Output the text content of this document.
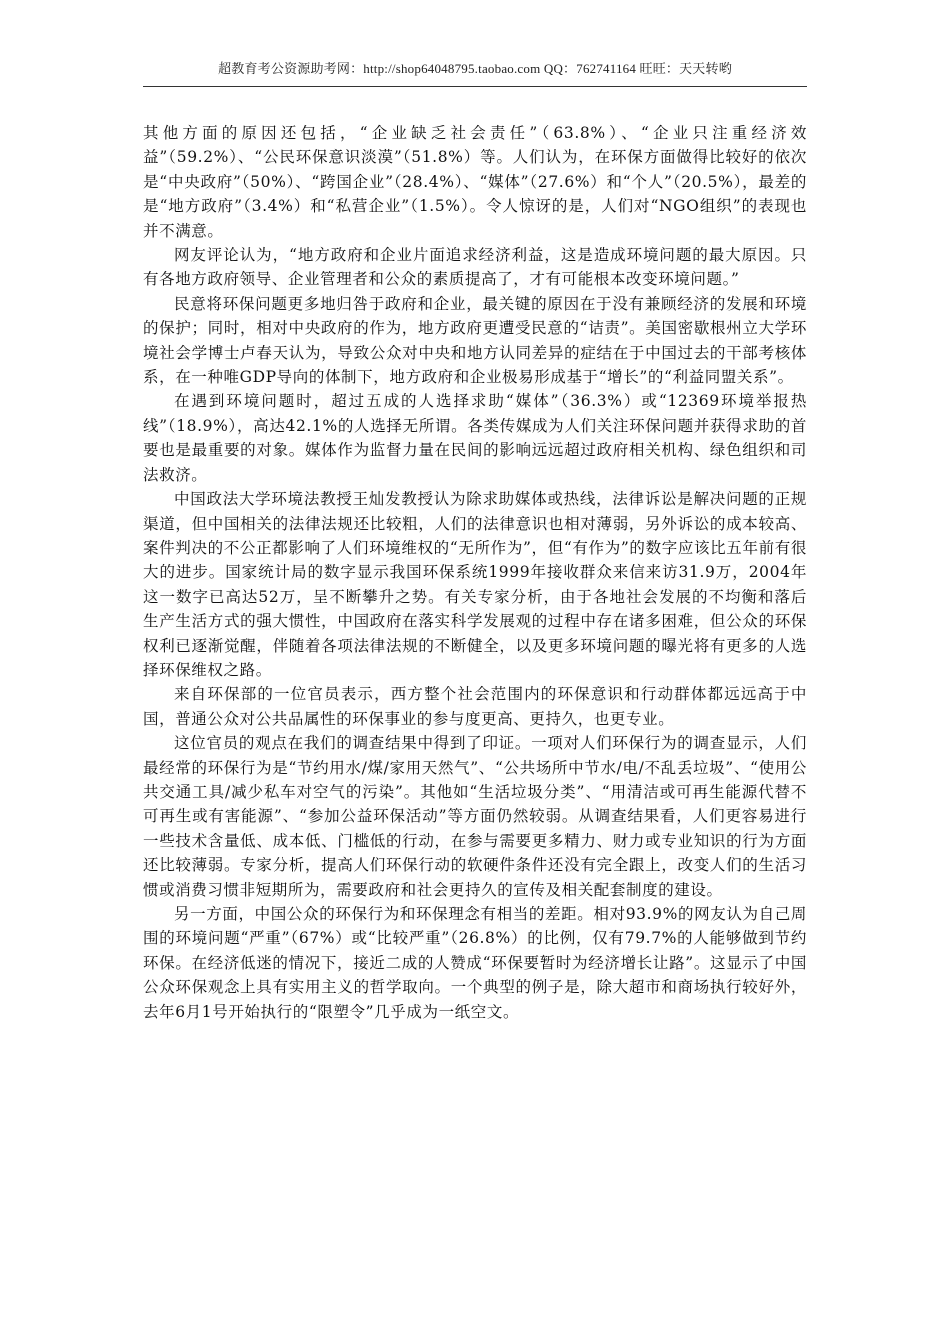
超教育考公资源助考网：http://shop64048795.taobao.com QQ：762741164 旺旺：天天转哟

其他方面的原因还包括，“企业缺乏社会责任”（63.8%）、“企业只注重经济效益”（59.2%）、“公民环保意识淡漠”（51.8%）等。人们认为，在环保方面做得比较好的依次是“中央政府”（50%）、“跨国企业”（28.4%）、“媒体”（27.6%）和“个人”（20.5%），最差的是“地方政府”（3.4%）和“私营企业”（1.5%）。令人惊讶的是，人们对“NGO组织”的表现也并不满意。

网友评论认为，“地方政府和企业片面追求经济利益，这是造成环境问题的最大原因。只有各地方政府领导、企业管理者和公众的素质提高了，才有可能根本改变环境问题。”

民意将环保问题更多地归咎于政府和企业，最关键的原因在于没有兼顾经济的发展和环境的保护；同时，相对中央政府的作为，地方政府更遭受民意的“诘责”。美国密歇根州立大学环境社会学博士卢春天认为，导致公众对中央和地方认同差异的症结在于中国过去的干部考核体系，在一种唯GDP导向的体制下，地方政府和企业极易形成基于“增长”的“利益同盟关系”。

在遇到环境问题时，超过五成的人选择求助“媒体”（36.3%）或“12369环境举报热线”（18.9%），高达42.1%的人选择无所谓。各类传媒成为人们关注环保问题并获得求助的首要也是最重要的对象。媒体作为监督力量在民间的影响远远超过政府相关机构、绿色组织和司法救济。

中国政法大学环境法教授王灿发教授认为除求助媒体或热线，法律诉讼是解决问题的正规渠道，但中国相关的法律法规还比较粗，人们的法律意识也相对薄弱，另外诉讼的成本较高、案件判决的不公正都影响了人们环境维权的“无所作为”，但“有作为”的数字应该比五年前有很大的进步。国家统计局的数字显示我国环保系统1999年接收群众来信来访31.9万，2004年这一数字已高达52万，呈不断攀升之势。有关专家分析，由于各地社会发展的不均衡和落后生产生活方式的强大惯性，中国政府在落实科学发展观的过程中存在诸多困难，但公众的环保权利已逐渐觉醒，伴随着各项法律法规的不断健全，以及更多环境问题的曝光将有更多的人选择环保维权之路。

来自环保部的一位官员表示，西方整个社会范围内的环保意识和行动群体都远远高于中国，普通公众对公共品属性的环保事业的参与度更高、更持久，也更专业。

这位官员的观点在我们的调查结果中得到了印证。一项对人们环保行为的调查显示，人们最经常的环保行为是“节约用水/煤/家用天然气”、“公共场所中节水/电/不乱丢垃圾”、“使用公共交通工具/减少私车对空气的污染”。其他如“生活垃圾分类”、“用清洁或可再生能源代替不可再生或有害能源”、“参加公益环保活动”等方面仍然较弱。从调查结果看，人们更容易进行一些技术含量低、成本低、门槛低的行动，在参与需要更多精力、财力或专业知识的行为方面还比较薄弱。专家分析，提高人们环保行动的软硬件条件还没有完全跟上，改变人们的生活习惯或消费习惯非短期所为，需要政府和社会更持久的宣传及相关配套制度的建设。

另一方面，中国公众的环保行为和环保理念有相当的差距。相对93.9%的网友认为自己周围的环境问题“严重”（67%）或“比较严重”（26.8%）的比例，仅有79.7%的人能够做到节约环保。在经济低迷的情况下，接近二成的人赞成“环保要暂时为经济增长让路”。这显示了中国公众环保观念上具有实用主义的哲学取向。一个典型的例子是，除大超市和商场执行较好外，去年6月1号开始执行的“限塑令”几乎成为一纸空文。
